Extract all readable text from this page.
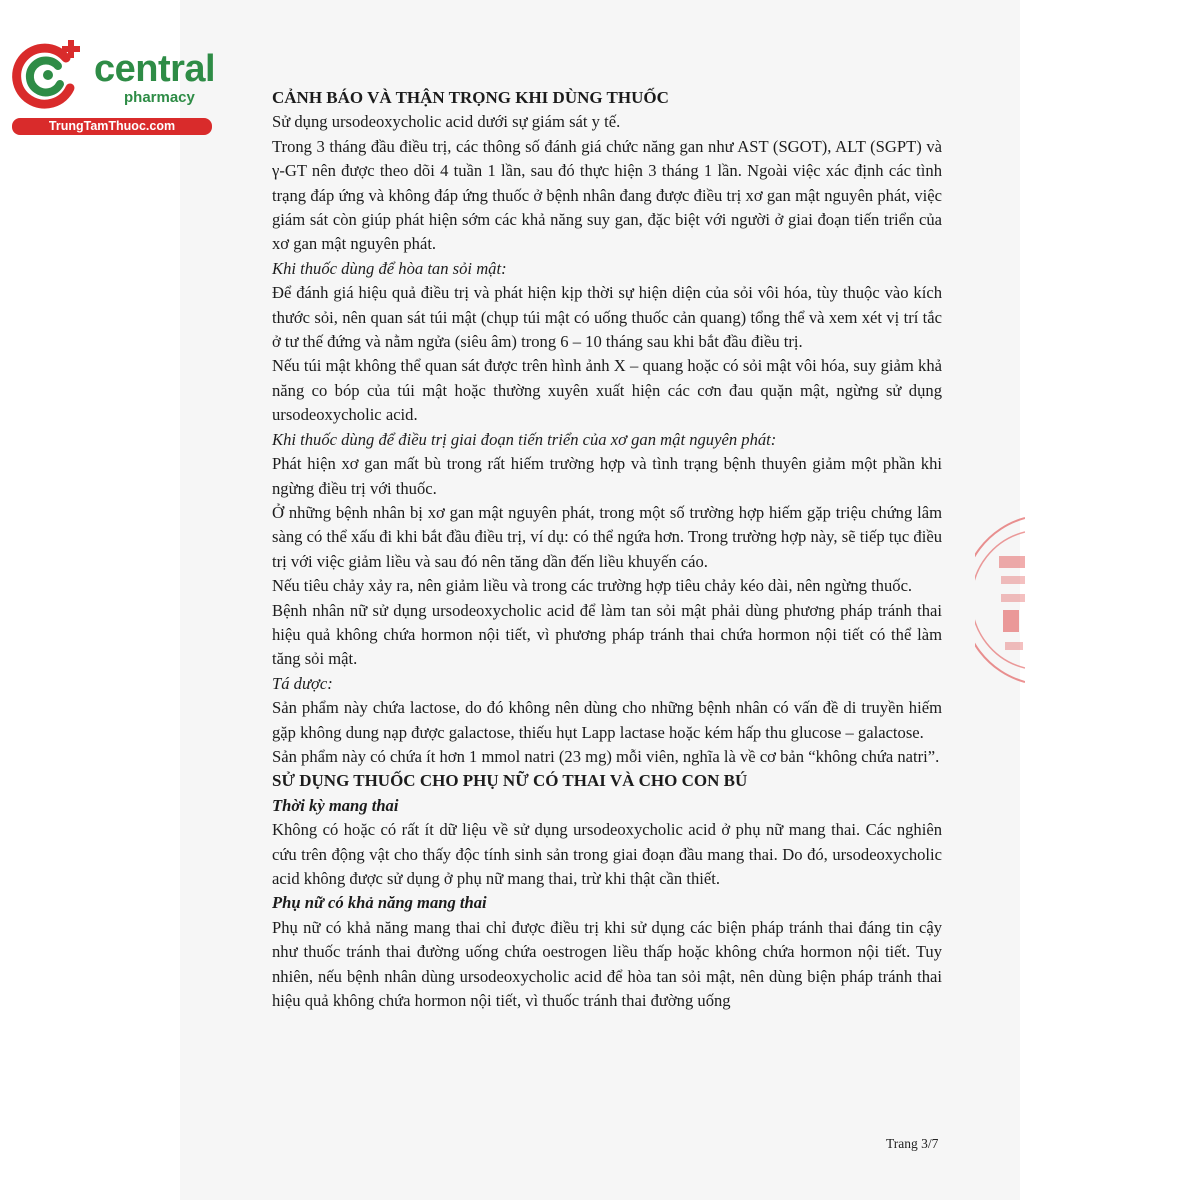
central
pharmacy
TrungTamThuoc.com

CẢNH BÁO VÀ THẬN TRỌNG KHI DÙNG THUỐC

Sử dụng ursodeoxycholic acid dưới sự giám sát y tế.

Trong 3 tháng đầu điều trị, các thông số đánh giá chức năng gan như AST (SGOT), ALT (SGPT) và γ-GT nên được theo dõi 4 tuần 1 lần, sau đó thực hiện 3 tháng 1 lần. Ngoài việc xác định các tình trạng đáp ứng và không đáp ứng thuốc ở bệnh nhân đang được điều trị xơ gan mật nguyên phát, việc giám sát còn giúp phát hiện sớm các khả năng suy gan, đặc biệt với người ở giai đoạn tiến triển của xơ gan mật nguyên phát.

Khi thuốc dùng để hòa tan sỏi mật:

Để đánh giá hiệu quả điều trị và phát hiện kịp thời sự hiện diện của sỏi vôi hóa, tùy thuộc vào kích thước sỏi, nên quan sát túi mật (chụp túi mật có uống thuốc cản quang) tổng thể và xem xét vị trí tắc ở tư thế đứng và nằm ngửa (siêu âm) trong 6 – 10 tháng sau khi bắt đầu điều trị.

Nếu túi mật không thể quan sát được trên hình ảnh X – quang hoặc có sỏi mật vôi hóa, suy giảm khả năng co bóp của túi mật hoặc thường xuyên xuất hiện các cơn đau quặn mật, ngừng sử dụng ursodeoxycholic acid.

Khi thuốc dùng để điều trị giai đoạn tiến triển của xơ gan mật nguyên phát:

Phát hiện xơ gan mất bù trong rất hiếm trường hợp và tình trạng bệnh thuyên giảm một phần khi ngừng điều trị với thuốc.

Ở những bệnh nhân bị xơ gan mật nguyên phát, trong một số trường hợp hiếm gặp triệu chứng lâm sàng có thể xấu đi khi bắt đầu điều trị, ví dụ: có thể ngứa hơn. Trong trường hợp này, sẽ tiếp tục điều trị với việc giảm liều và sau đó nên tăng dần đến liều khuyến cáo.

Nếu tiêu chảy xảy ra, nên giảm liều và trong các trường hợp tiêu chảy kéo dài, nên ngừng thuốc.

Bệnh nhân nữ sử dụng ursodeoxycholic acid để làm tan sỏi mật phải dùng phương pháp tránh thai hiệu quả không chứa hormon nội tiết, vì phương pháp tránh thai chứa hormon nội tiết có thể làm tăng sỏi mật.

Tá dược:

Sản phẩm này chứa lactose, do đó không nên dùng cho những bệnh nhân có vấn đề di truyền hiếm gặp không dung nạp được galactose, thiếu hụt Lapp lactase hoặc kém hấp thu glucose – galactose.

Sản phẩm này có chứa ít hơn 1 mmol natri (23 mg) mỗi viên, nghĩa là về cơ bản “không chứa natri”.

SỬ DỤNG THUỐC CHO PHỤ NỮ CÓ THAI VÀ CHO CON BÚ

Thời kỳ mang thai

Không có hoặc có rất ít dữ liệu về sử dụng ursodeoxycholic acid ở phụ nữ mang thai. Các nghiên cứu trên động vật cho thấy độc tính sinh sản trong giai đoạn đầu mang thai. Do đó, ursodeoxycholic acid không được sử dụng ở phụ nữ mang thai, trừ khi thật cần thiết.

Phụ nữ có khả năng mang thai

Phụ nữ có khả năng mang thai chỉ được điều trị khi sử dụng các biện pháp tránh thai đáng tin cậy như thuốc tránh thai đường uống chứa oestrogen liều thấp hoặc không chứa hormon nội tiết. Tuy nhiên, nếu bệnh nhân dùng ursodeoxycholic acid để hòa tan sỏi mật, nên dùng biện pháp tránh thai hiệu quả không chứa hormon nội tiết, vì thuốc tránh thai đường uống

Trang 3/7
